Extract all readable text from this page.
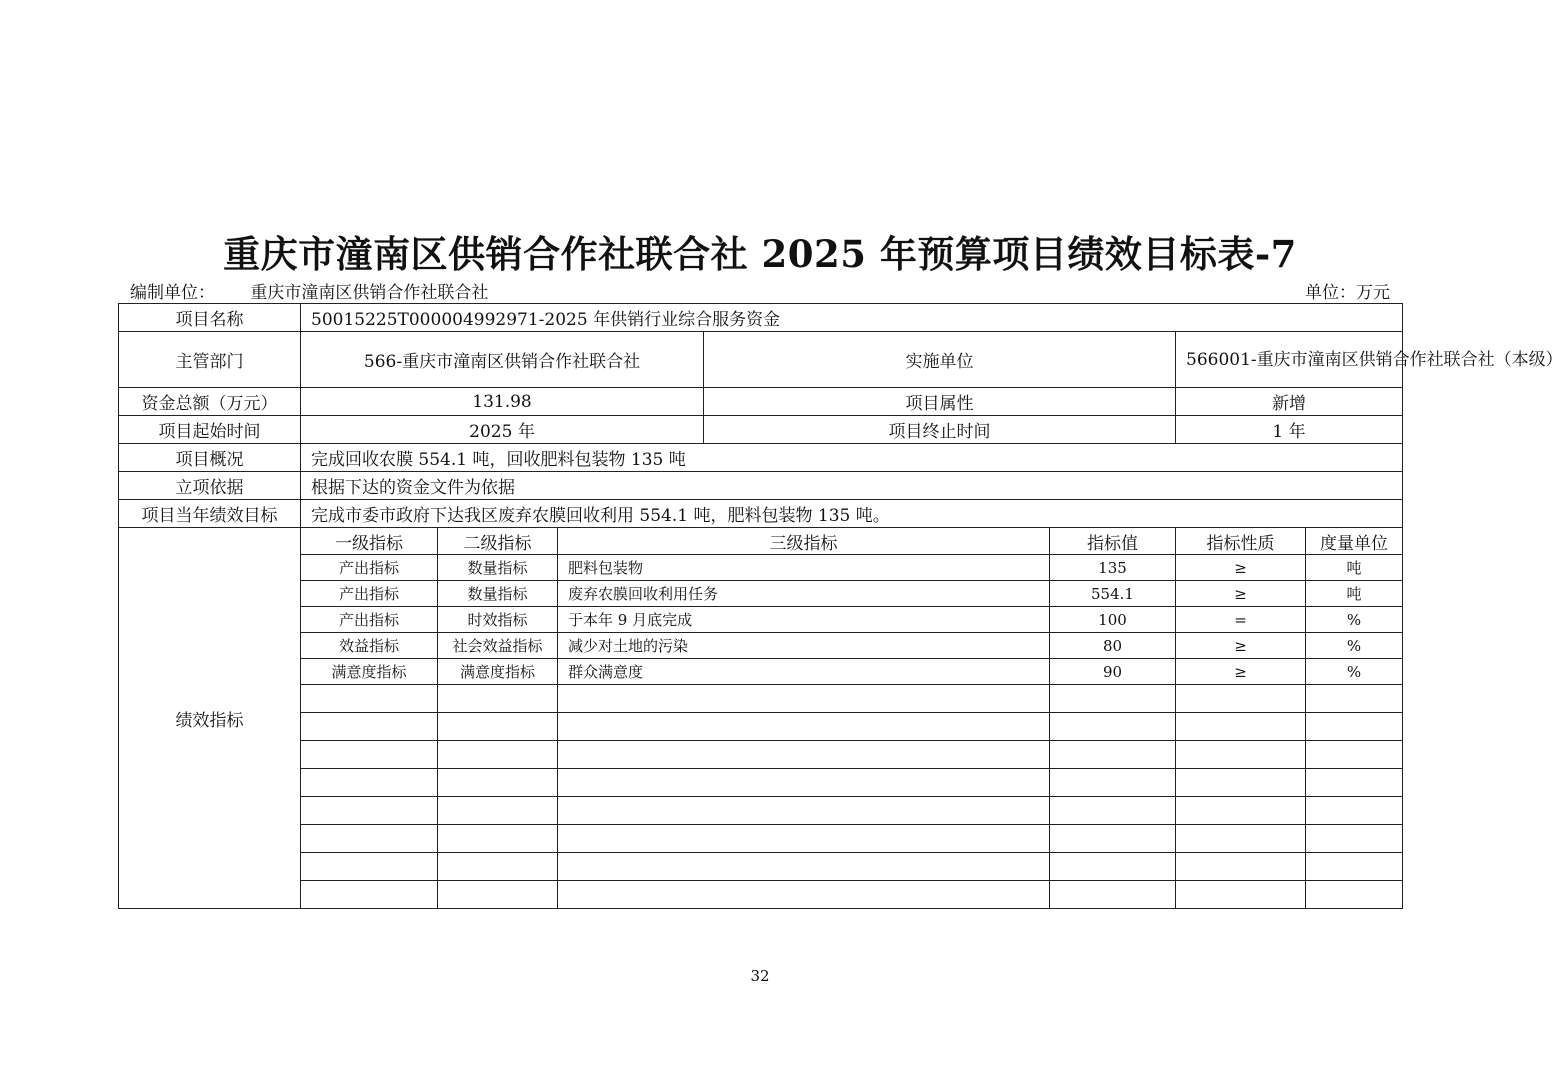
重庆市潼南区供销合作社联合社 2025 年预算项目绩效目标表-7
编制单位： 重庆市潼南区供销合作社联合社	单位：万元
项目名称	50015225T000004992971-2025 年供销行业综合服务资金						
主管部门	566-重庆市潼南区供销合作社联合社			实施单位		566001-重庆市潼南区供销合作社联合社（本级）	
资金总额（万元）	131.98			项目属性		新增	
项目起始时间	2025 年			项目终止时间		1 年	
项目概况	完成回收农膜 554.1 吨，回收肥料包装物 135 吨						
立项依据	根据下达的资金文件为依据						
项目当年绩效目标	完成市委市政府下达我区废弃农膜回收利用 554.1 吨，肥料包装物 135 吨。						
绩效指标	一级指标	二级指标	三级指标		指标值	指标性质	度量单位
	产出指标	数量指标	肥料包装物		135	≥	吨
	产出指标	数量指标	废弃农膜回收利用任务		554.1	≥	吨
	产出指标	时效指标	于本年 9 月底完成		100	=	%
	效益指标	社会效益指标	减少对土地的污染		80	≥	%
	满意度指标	满意度指标	群众满意度		90	≥	%

32
